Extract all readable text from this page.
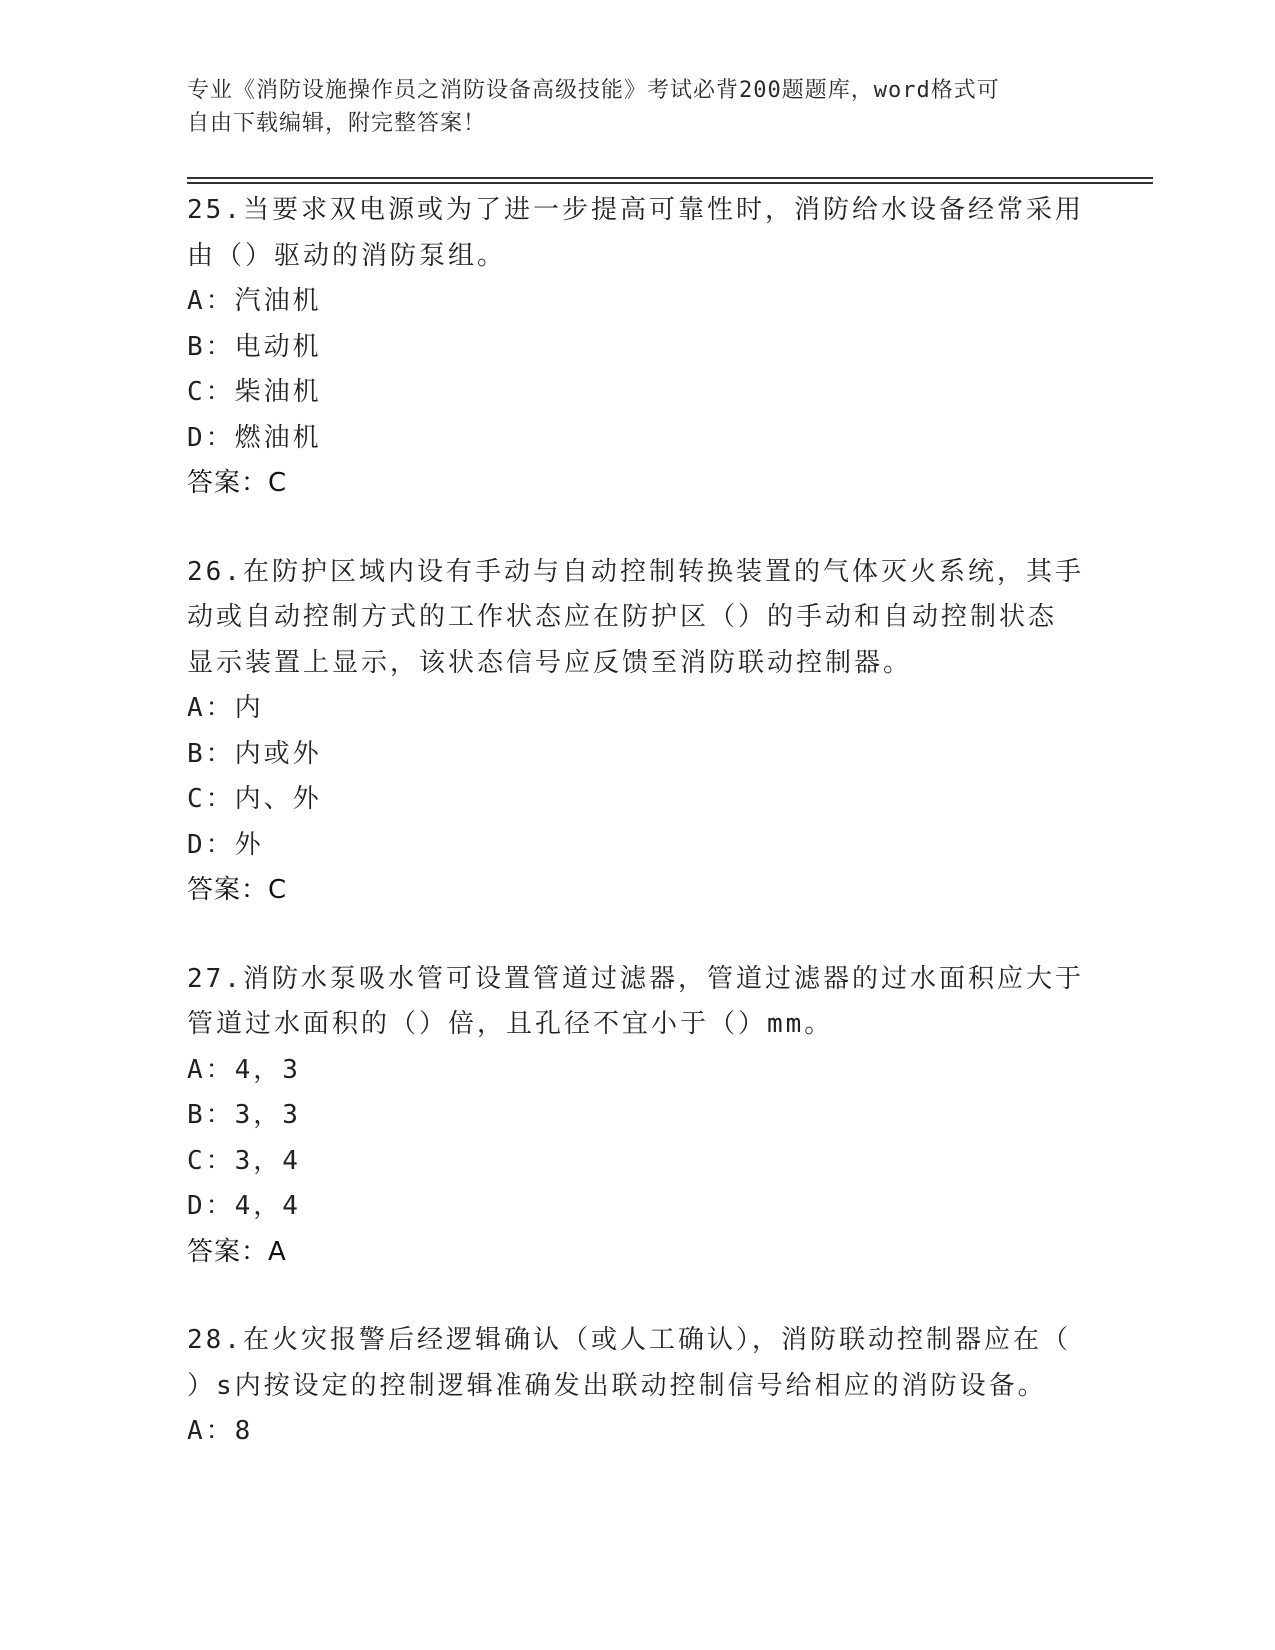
专业《消防设施操作员之消防设备高级技能》考试必背200题题库，word格式可
自由下载编辑，附完整答案！
25.当要求双电源或为了进一步提高可靠性时，消防给水设备经常采用
由（）驱动的消防泵组。
A：汽油机
B：电动机
C：柴油机
D：燃油机
答案：C
26.在防护区域内设有手动与自动控制转换装置的气体灭火系统，其手
动或自动控制方式的工作状态应在防护区（）的手动和自动控制状态
显示装置上显示，该状态信号应反馈至消防联动控制器。
A：内
B：内或外
C：内、外
D：外
答案：C
27.消防水泵吸水管可设置管道过滤器，管道过滤器的过水面积应大于
管道过水面积的（）倍，且孔径不宜小于（）mm。
A：4，3
B：3，3
C：3，4
D：4，4
答案：A
28.在火灾报警后经逻辑确认（或人工确认），消防联动控制器应在（
）s内按设定的控制逻辑准确发出联动控制信号给相应的消防设备。
A：8
